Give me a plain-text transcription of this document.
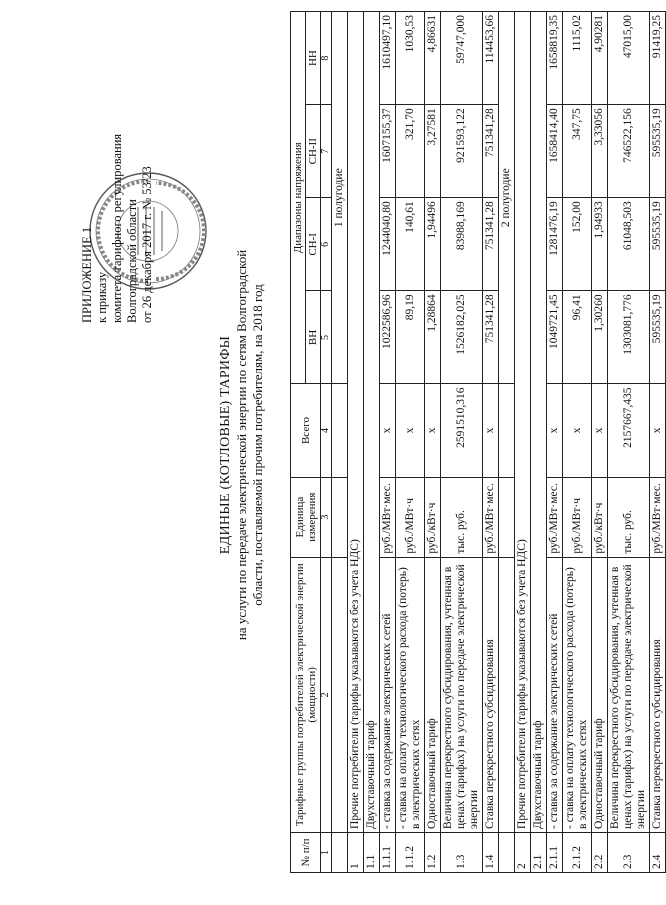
ПРИЛОЖЕНИЕ 1 к приказу комитета тарифного регулирования Волгоградской области от 26 декабря 2017 г. № 53/23
ЕДИНЫЕ (КОТЛОВЫЕ) ТАРИФЫ на услуги по передаче электрической энергии по сетям Волгоградской области, поставляемой прочим потребителям, на 2018 год
№ п/п	Тарифные группы потребителей электрической энергии (мощности)	Единица измерения	Всего	Диапазоны напряжения			
				ВН	СН-I	СН-II	НН
1	2	3	4	5	6	7	8
				1 полугодие			
1	Прочие потребители (тарифы указываются без учета НДС)						
1.1	Двухставочный тариф						
1.1.1	- ставка за содержание электрических сетей	руб./МВт·мес.	x	1022586,96	1244040,80	1607155,37	1610497,10
1.1.2	- ставка на оплату технологического расхода (потерь) в электрических сетях	руб./МВт·ч	x	89,19	140,61	321,70	1030,53
1.2	Одноставочный тариф	руб./кВт·ч	x	1,28864	1,94496	3,27581	4,86631
1.3	Величина перекрестного субсидирования, учтенная в ценах (тарифах) на услуги по передаче электрической энергии	тыс. руб.	2591510,316	1526182,025	83988,169	921593,122	59747,000
1.4	Ставка перекрестного субсидирования	руб./МВт·мес.	x	751341,28	751341,28	751341,28	114453,66
				2 полугодие			
2	Прочие потребители (тарифы указываются без учета НДС)						
2.1	Двухставочный тариф						
2.1.1	- ставка за содержание электрических сетей	руб./МВт·мес.	x	1049721,45	1281476,19	1658414,40	1658819,35
2.1.2	- ставка на оплату технологического расхода (потерь) в электрических сетях	руб./МВт·ч	x	96,41	152,00	347,75	1115,02
2.2	Одноставочный тариф	руб./кВт·ч	x	1,30260	1,94933	3,33056	4,90281
2.3	Величина перекрестного субсидирования, учтенная в ценах (тарифах) на услуги по передаче электрической энергии	тыс. руб.	2157667,435	1303081,776	61048,503	746522,156	47015,00
2.4	Ставка перекрестного субсидирования	руб./МВт·мес.	x	595535,19	595535,19	595535,19	91419,25
